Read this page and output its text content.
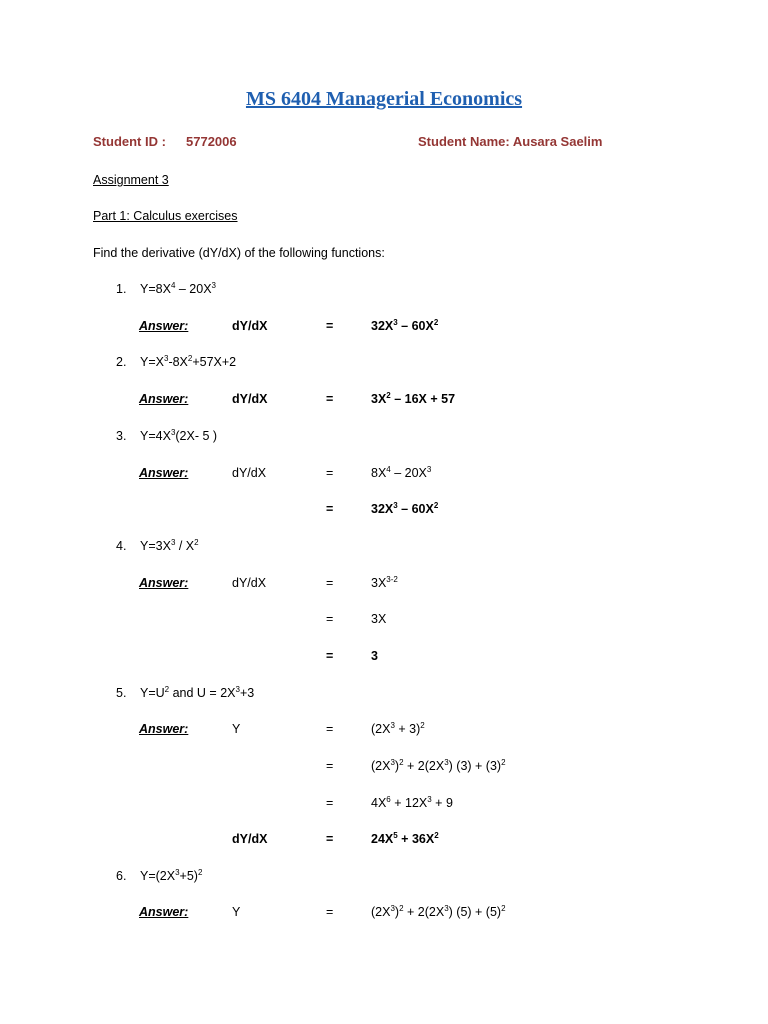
MS 6404 Managerial Economics
Student ID : 5772006	Student Name: Ausara Saelim
Assignment 3
Part 1: Calculus exercises
Find the derivative (dY/dX) of the following functions:
1. $Y=8X^4 - 20X^3$
Answer:	dY/dX	=	$32X^3 - 60X^2$
2. $Y=X^3-8X^2+57X+2$
Answer:	dY/dX	=	$3X^2 - 16X + 57$
3. $Y=4X^3(2X-$ 5 )
Answer:	dY/dX	=	$8X^4 - 20X^3$
=	$32X^3 - 60X^2$
4. $Y=3X^3 / X^2$
Answer:	dY/dX	=	$3X^{3-2}$
=	3X
=	3
5. $Y=U^2$ and $U = 2X^3+3$
Answer:	Y	=	$(2X^3 + 3)^2$
=	$(2X^3)^2 + 2(2X^3) (3) + (3)^2$
=	$4X^6 + 12X^3 + 9$
dY/dX	=	$24X^5 + 36X^2$
6. $Y=(2X^3+5)^2$
Answer:	Y	=	$(2X^3)^2 + 2(2X^3) (5) + (5)^2$
